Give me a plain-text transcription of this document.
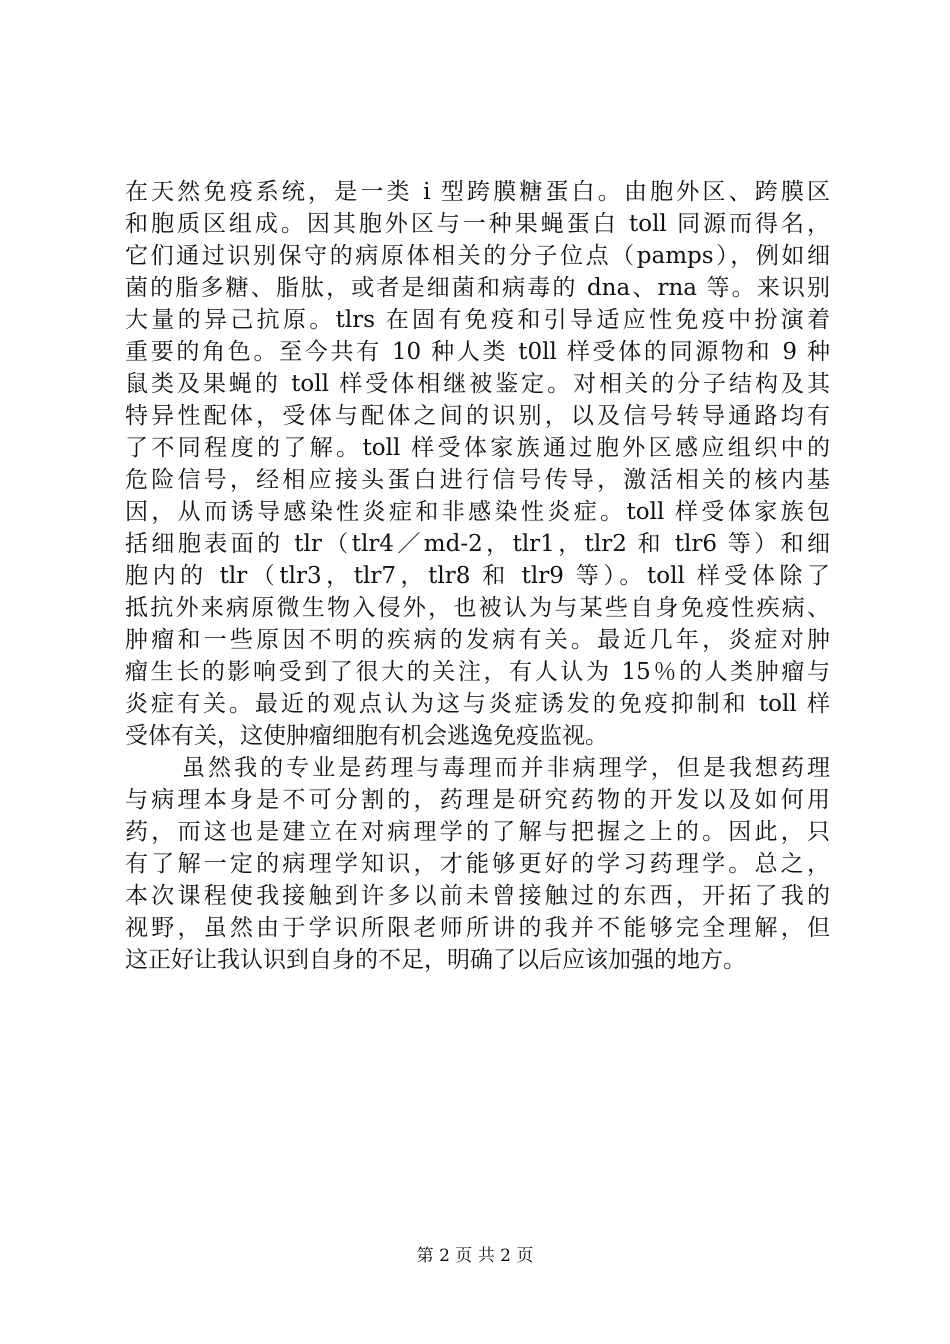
在天然免疫系统，是一类 i 型跨膜糖蛋白。由胞外区、跨膜区
和胞质区组成。因其胞外区与一种果蝇蛋白 toll 同源而得名，
它们通过识别保守的病原体相关的分子位点（pamps），例如细
菌的脂多糖、脂肽，或者是细菌和病毒的 dna、rna 等。来识别
大量的异己抗原。tlrs 在固有免疫和引导适应性免疫中扮演着
重要的角色。至今共有 10 种人类 t0ll 样受体的同源物和 9 种
鼠类及果蝇的 toll 样受体相继被鉴定。对相关的分子结构及其
特异性配体，受体与配体之间的识别，以及信号转导通路均有
了不同程度的了解。toll 样受体家族通过胞外区感应组织中的
危险信号，经相应接头蛋白进行信号传导，激活相关的核内基
因，从而诱导感染性炎症和非感染性炎症。toll 样受体家族包
括细胞表面的 tlr（tlr4／md-2，tlr1，tlr2 和 tlr6 等）和细
胞内的 tlr（tlr3，tlr7，tlr8 和 tlr9 等）。toll 样受体除了
抵抗外来病原微生物入侵外，也被认为与某些自身免疫性疾病、
肿瘤和一些原因不明的疾病的发病有关。最近几年，炎症对肿
瘤生长的影响受到了很大的关注，有人认为 15％的人类肿瘤与
炎症有关。最近的观点认为这与炎症诱发的免疫抑制和 toll 样
受体有关，这使肿瘤细胞有机会逃逸免疫监视。
虽然我的专业是药理与毒理而并非病理学，但是我想药理
与病理本身是不可分割的，药理是研究药物的开发以及如何用
药，而这也是建立在对病理学的了解与把握之上的。因此，只
有了解一定的病理学知识，才能够更好的学习药理学。总之，
本次课程使我接触到许多以前未曾接触过的东西，开拓了我的
视野，虽然由于学识所限老师所讲的我并不能够完全理解，但
这正好让我认识到自身的不足，明确了以后应该加强的地方。
第 2 页 共 2 页
